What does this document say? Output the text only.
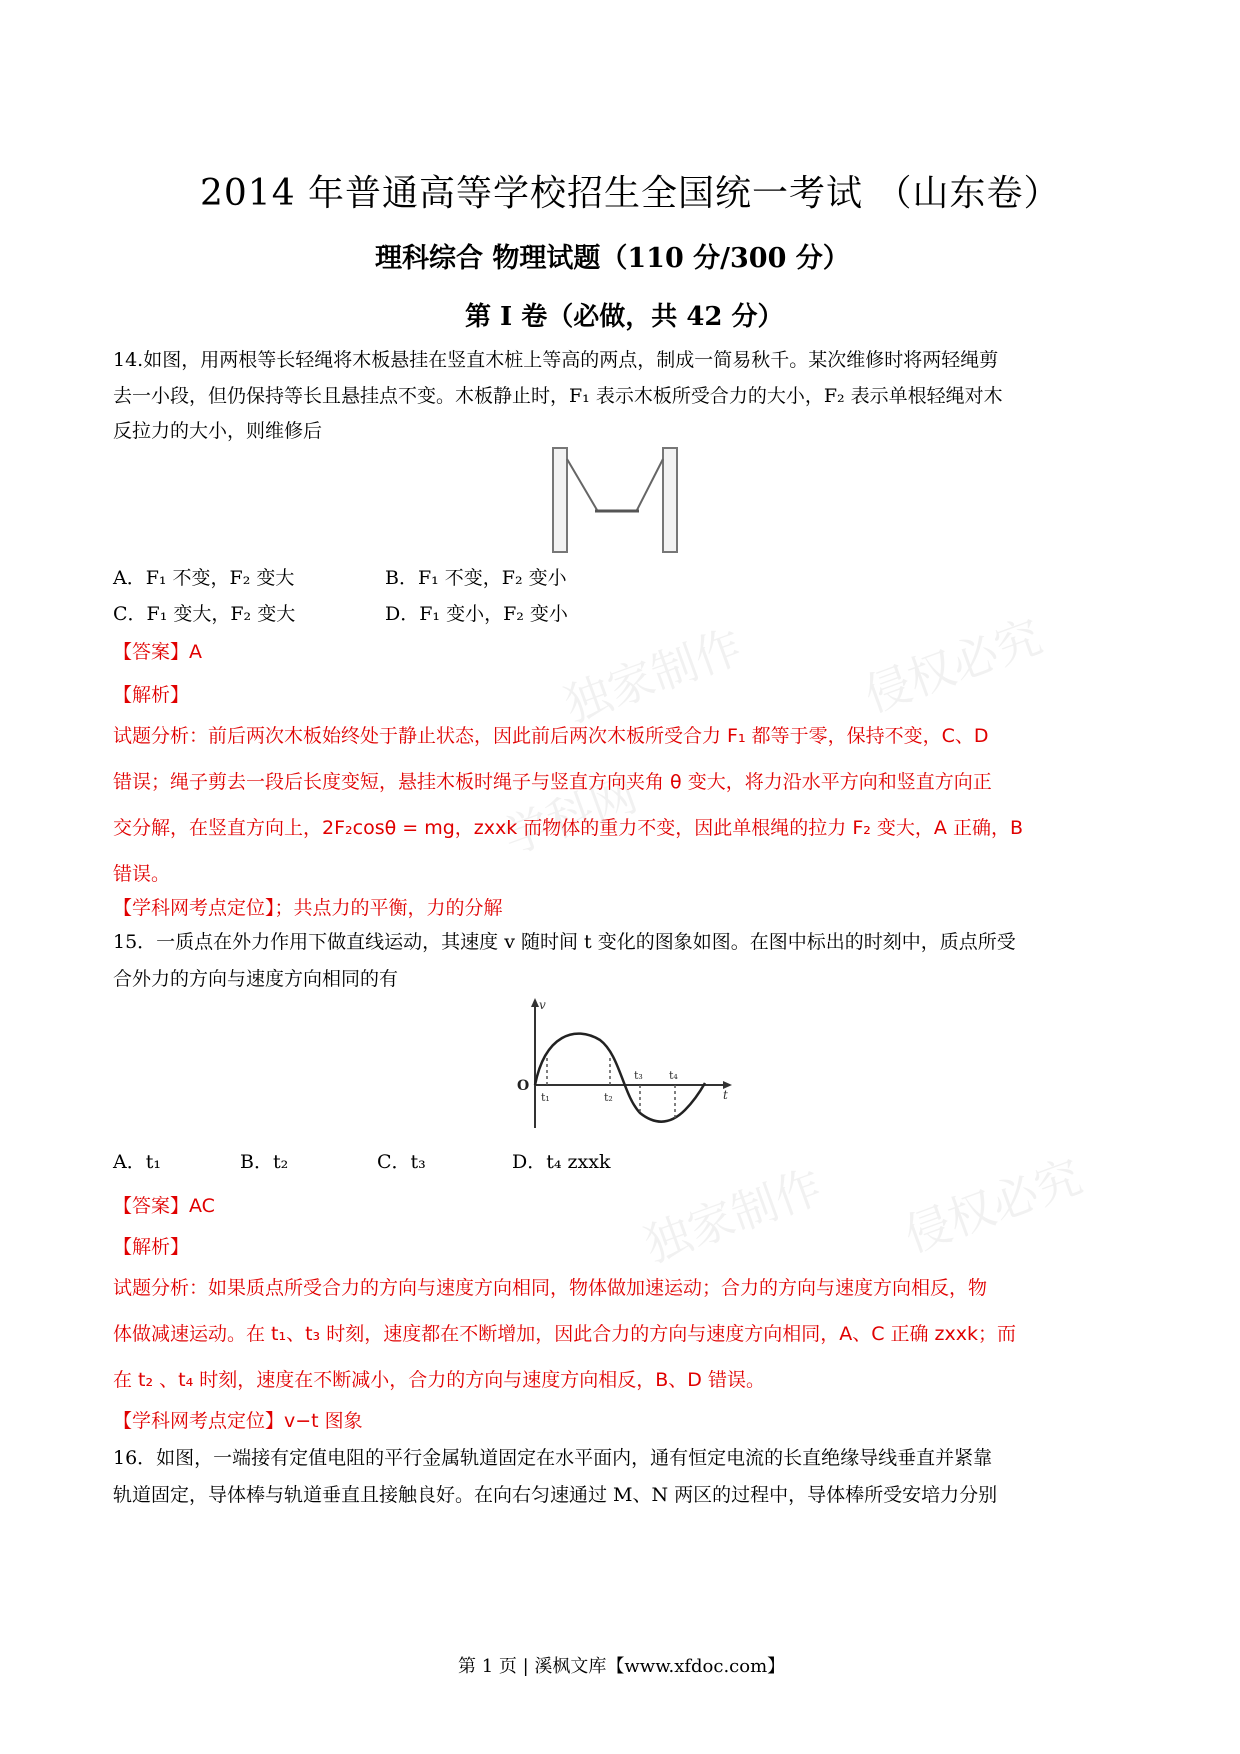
独家制作 侵权必究
独家制作 侵权必究
学科网
2014 年普通高等学校招生全国统一考试 （山东卷）
理科综合 物理试题（110 分/300 分）
第 I 卷（必做，共 42 分）
14.如图，用两根等长轻绳将木板悬挂在竖直木桩上等高的两点，制成一简易秋千。某次维修时将两轻绳剪
去一小段，但仍保持等长且悬挂点不变。木板静止时，F₁ 表示木板所受合力的大小，F₂ 表示单根轻绳对木
反拉力的大小，则维修后
A．F₁ 不变，F₂ 变大	B．F₁ 不变，F₂ 变小
C．F₁ 变大，F₂ 变大	D．F₁ 变小，F₂ 变小
【答案】A
【解析】
试题分析：前后两次木板始终处于静止状态，因此前后两次木板所受合力 F₁ 都等于零，保持不变，C、D
错误；绳子剪去一段后长度变短，悬挂木板时绳子与竖直方向夹角 θ 变大，将力沿水平方向和竖直方向正
交分解，在竖直方向上，2F₂cosθ = mg，zxxk 而物体的重力不变，因此单根绳的拉力 F₂ 变大，A 正确，B
错误。
【学科网考点定位】；共点力的平衡，力的分解
15．一质点在外力作用下做直线运动，其速度 v 随时间 t 变化的图象如图。在图中标出的时刻中，质点所受
合外力的方向与速度方向相同的有
v
t
O
t₁	t₂
t₃ t₄
A．t₁	B．t₂	C．t₃	D．t₄ zxxk
【答案】AC
【解析】
试题分析：如果质点所受合力的方向与速度方向相同，物体做加速运动；合力的方向与速度方向相反，物
体做减速运动。在 t₁、t₃ 时刻，速度都在不断增加，因此合力的方向与速度方向相同，A、C 正确 zxxk；而
在 t₂ 、t₄ 时刻，速度在不断减小，合力的方向与速度方向相反，B、D 错误。
【学科网考点定位】v−t 图象
16．如图，一端接有定值电阻的平行金属轨道固定在水平面内，通有恒定电流的长直绝缘导线垂直并紧靠
轨道固定，导体棒与轨道垂直且接触良好。在向右匀速通过 M、N 两区的过程中，导体棒所受安培力分别
第 1 页 | 溪枫文库【www.xfdoc.com】
